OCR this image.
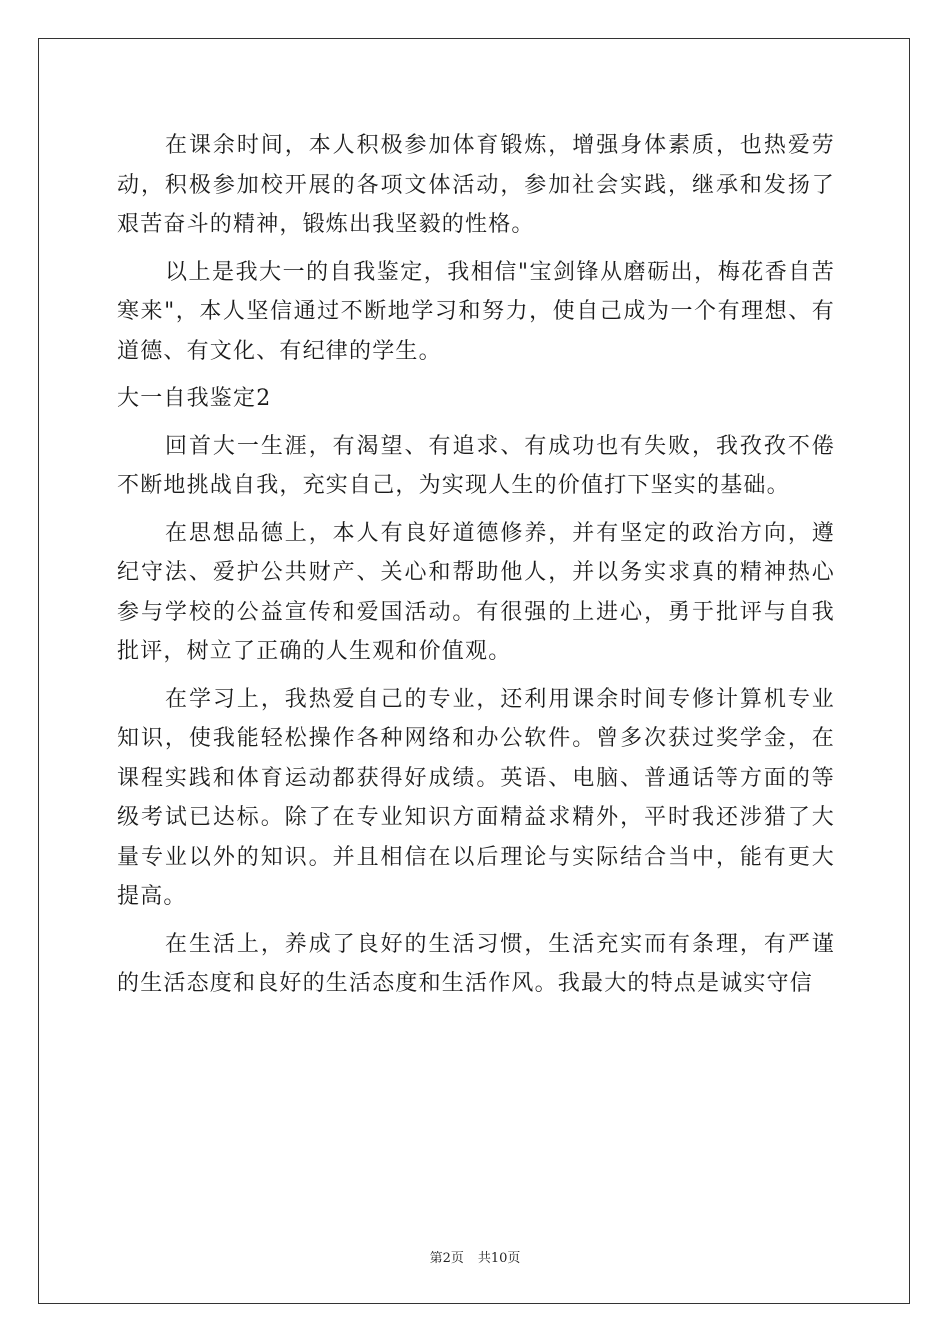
在课余时间，本人积极参加体育锻炼，增强身体素质，也热爱劳动，积极参加校开展的各项文体活动，参加社会实践，继承和发扬了艰苦奋斗的精神，锻炼出我坚毅的性格。

以上是我大一的自我鉴定，我相信"宝剑锋从磨砺出，梅花香自苦寒来"，本人坚信通过不断地学习和努力，使自己成为一个有理想、有道德、有文化、有纪律的学生。

大一自我鉴定2

回首大一生涯，有渴望、有追求、有成功也有失败，我孜孜不倦不断地挑战自我，充实自己，为实现人生的价值打下坚实的基础。

在思想品德上，本人有良好道德修养，并有坚定的政治方向，遵纪守法、爱护公共财产、关心和帮助他人，并以务实求真的精神热心参与学校的公益宣传和爱国活动。有很强的上进心，勇于批评与自我批评，树立了正确的人生观和价值观。

在学习上，我热爱自己的专业，还利用课余时间专修计算机专业知识，使我能轻松操作各种网络和办公软件。曾多次获过奖学金，在课程实践和体育运动都获得好成绩。英语、电脑、普通话等方面的等级考试已达标。除了在专业知识方面精益求精外，平时我还涉猎了大量专业以外的知识。并且相信在以后理论与实际结合当中，能有更大提高。

在生活上，养成了良好的生活习惯，生活充实而有条理，有严谨的生活态度和良好的生活态度和生活作风。我最大的特点是诚实守信

第2页 共10页
